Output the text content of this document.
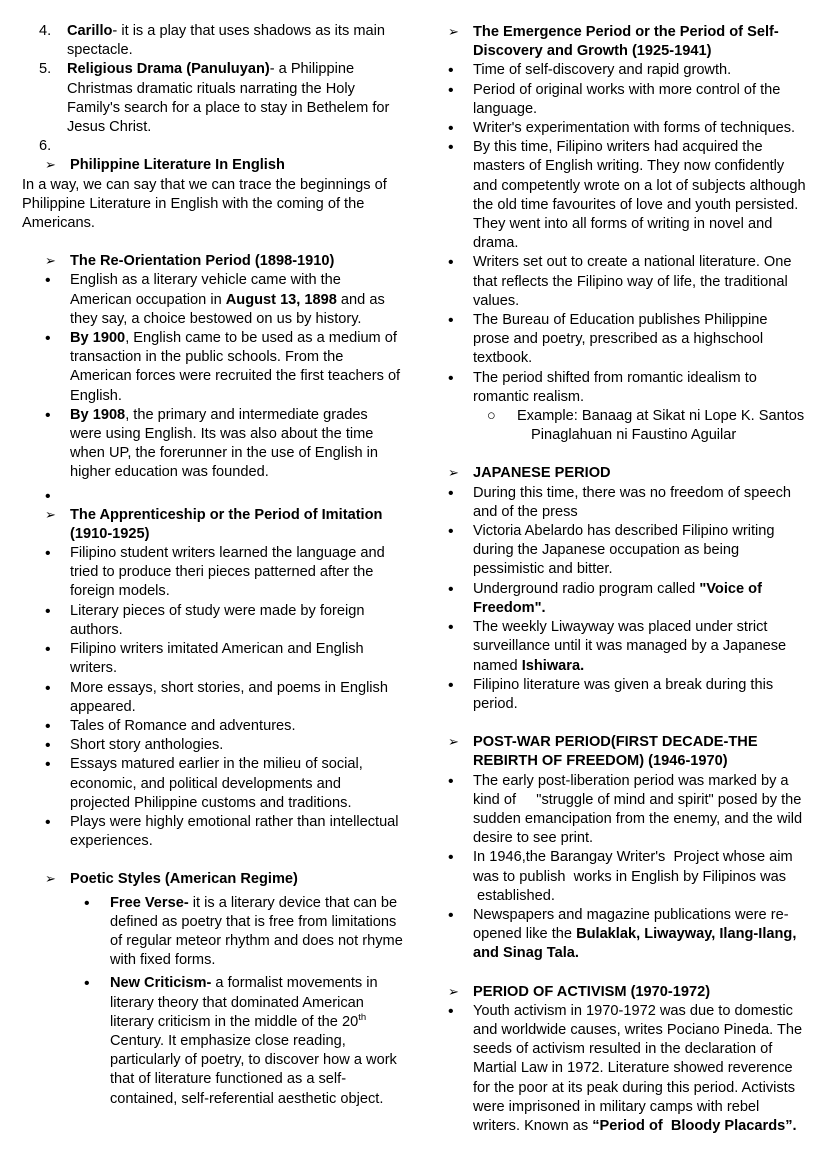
4.	Carillo- it is a play that uses shadows as its main spectacle.
5.	Religious Drama (Panuluyan)- a Philippine Christmas dramatic rituals narrating the Holy Family's search for a place to stay in Bethelem for Jesus Christ.
6.
➢ Philippine Literature In English

In a way, we can say that we can trace the beginnings of Philippine Literature in English with the coming of the Americans.

➢ The Re-Orientation Period (1898-1910)
•	English as a literary vehicle came with the American occupation in August 13, 1898 and as they say, a choice bestowed on us by history.
•	By 1900, English came to be used as a medium of transaction in the public schools. From the American forces were recruited the first teachers of English.
•	By 1908, the primary and intermediate grades were using English. Its was also about the time when UP, the forerunner in the use of English in higher education was founded.
•
➢ The Apprenticeship or the Period of Imitation (1910-1925)
•	Filipino student writers learned the language and tried to produce theri pieces patterned after the foreign models.
•	Literary pieces of study were made by foreign authors.
•	Filipino writers imitated American and English writers.
•	More essays, short stories, and poems in English appeared.
•	Tales of Romance and adventures.
•	Short story anthologies.
•	Essays matured earlier in the milieu of social, economic, and political developments and projected Philippine customs and traditions.
•	Plays were highly emotional rather than intellectual experiences.
➢ Poetic Styles (American Regime)
•	Free Verse- it is a literary device that can be defined as poetry that is free from limitations of regular meteor rhythm and does not rhyme with fixed forms.
•	New Criticism- a formalist movements in literary theory that dominated American literary criticism in the middle of the 20th Century. It emphasize close reading, particularly of poetry, to discover how a work that of literature functioned as a self-contained, self-referential aesthetic object.
➢ The Emergence Period or the Period of Self-Discovery and Growth (1925-1941)
•	Time of self-discovery and rapid growth.
•	Period of original works with more control of the language.
•	Writer's experimentation with forms of techniques.
•	By this time, Filipino writers had acquired the masters of English writing. They now confidently and competently wrote on a lot of subjects although the old time favourites of love and youth persisted. They went into all forms of writing in novel and drama.
•	Writers set out to create a national literature. One that reflects the Filipino way of life, the traditional values.
•	The Bureau of Education publishes Philippine prose and poetry, prescribed as a highschool textbook.
•	The period shifted from romantic idealism to romantic realism.
○	Example: Banaag at Sikat ni Lope K. Santos
Pinaglahuan ni Faustino Aguilar
➢ JAPANESE PERIOD
•	During this time, there was no freedom of speech and of the press
•	Victoria Abelardo has described Filipino writing during the Japanese occupation as being pessimistic and bitter.
•	Underground radio program called "Voice of Freedom".
•	The weekly Liwayway was placed under strict surveillance until it was managed by a Japanese named Ishiwara.
•	Filipino literature was given a break during this period.
➢ POST-WAR PERIOD(FIRST DECADE-THE REBIRTH OF FREEDOM) (1946-1970)
•	The early post-liberation period was marked by a kind of     "struggle of mind and spirit" posed by the sudden emancipation from the enemy, and the wild desire to see print.
•	In 1946,the Barangay Writer's  Project whose aim was to publish  works in English by Filipinos was  established.
•	Newspapers and magazine publications were re-opened like the Bulaklak, Liwayway, Ilang-Ilang, and Sinag Tala.
➢ PERIOD OF ACTIVISM (1970-1972)
•	Youth activism in 1970-1972 was due to domestic and worldwide causes, writes Pociano Pineda. The seeds of activism resulted in the declaration of Martial Law in 1972. Literature showed reverence for the poor at its peak during this period. Activists were imprisoned in military camps with rebel writers. Known as “Period of  Bloody Placards”.
